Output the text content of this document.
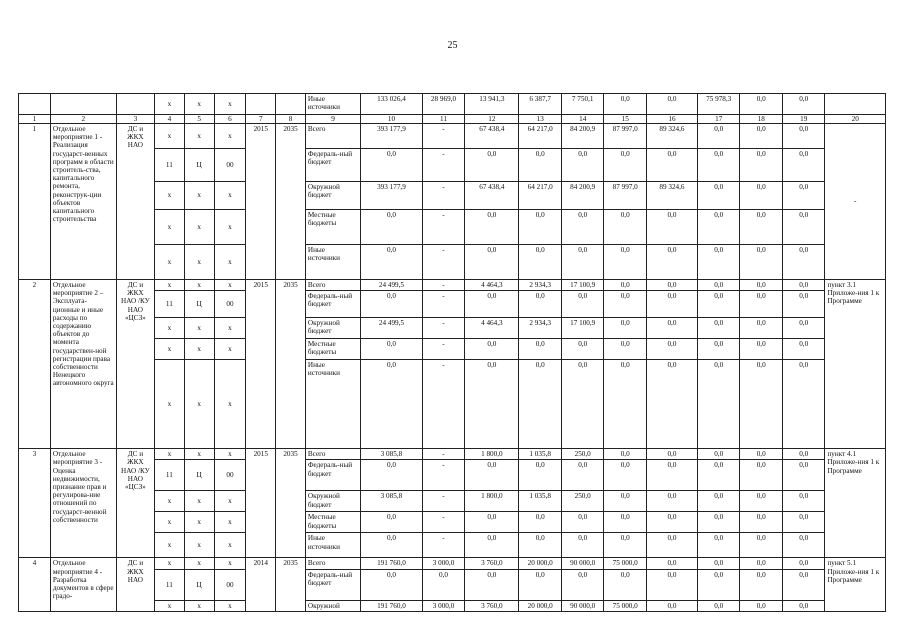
25
			х	х	х			Иные источники	133 026,4	28 969,0	13 941,3	6 387,7	7 750,1	0,0	0,0	75 978,3	0,0	0,0	
1	2	3	4	5	6	7	8	9	10	11	12	13	14	15	16	17	18	19	20
1	Отдельное мероприятие 1 - Реализация государст-венных программ в области строитель-ства, капитального ремонта, реконструк-ции объектов капитального строительства	ДС и ЖКХ НАО	х	х	х	2015	2035	Всего	393 177,9	-	67 438,4	64 217,0	84 200,9	87 997,0	89 324,6	0,0	0,0	0,0	-
			11	Ц	00			Федераль-ный бюджет	0,0	-	0,0	0,0	0,0	0,0	0,0	0,0	0,0	0,0	
			х	х	х			Окружной бюджет	393 177,9	-	67 438,4	64 217,0	84 200,9	87 997,0	89 324,6	0,0	0,0	0,0	
			х	х	х			Местные бюджеты	0,0	-	0,0	0,0	0,0	0,0	0,0	0,0	0,0	0,0	
			х	х	х			Иные источники	0,0	-	0,0	0,0	0,0	0,0	0,0	0,0	0,0	0,0	
2	Отдельное мероприятие 2 – Эксплуата-ционные и иные расходы по содержанию объектов до момента государствен-ной регистрации права собственности Ненецкого автономного округа	ДС и ЖКХ НАО /КУ НАО «ЦСЗ»	х	х	х	2015	2035	Всего	24 499,5	-	4 464,3	2 934,3	17 100,9	0,0	0,0	0,0	0,0	0,0	пункт 3.1 Приложе-ния 1 к Программе
			11	Ц	00			Федераль-ный бюджет	0,0	-	0,0	0,0	0,0	0,0	0,0	0,0	0,0	0,0	
			х	х	х			Окружной бюджет	24 499,5	-	4 464,3	2 934,3	17 100,9	0,0	0,0	0,0	0,0	0,0	
			х	х	х			Местные бюджеты	0,0	-	0,0	0,0	0,0	0,0	0,0	0,0	0,0	0,0	
			х	х	х			Иные источники	0,0	-	0,0	0,0	0,0	0,0	0,0	0,0	0,0	0,0	
3	Отдельное мероприятие 3 - Оценка недвижимости, признание прав и регулирова-ние отношений по государст-венной собственности	ДС и ЖКХ НАО /КУ НАО «ЦСЗ»	х	х	х	2015	2035	Всего	3 085,8	-	1 800,0	1 035,8	250,0	0,0	0,0	0,0	0,0	0,0	пункт 4.1 Приложе-ния 1 к Программе
			11	Ц	00			Федераль-ный бюджет	0,0	-	0,0	0,0	0,0	0,0	0,0	0,0	0,0	0,0	
			х	х	х			Окружной бюджет	3 085,8	-	1 800,0	1 035,8	250,0	0,0	0,0	0,0	0,0	0,0	
			х	х	х			Местные бюджеты	0,0	-	0,0	0,0	0,0	0,0	0,0	0,0	0,0	0,0	
			х	х	х			Иные источники	0,0	-	0,0	0,0	0,0	0,0	0,0	0,0	0,0	0,0	
4	Отдельное мероприятие 4 - Разработка документов в сфере градо-	ДС и ЖКХ НАО	х	х	х	2014	2035	Всего	191 760,0	3 000,0	3 760,0	20 000,0	90 000,0	75 000,0	0,0	0,0	0,0	0,0	пункт 5.1 Приложе-ния 1 к Программе
			11	Ц	00			Федераль-ный бюджет	0,0	0,0	0,0	0,0	0,0	0,0	0,0	0,0	0,0	0,0	
			х	х	х			Окружной	191 760,0	3 000,0	3 760,0	20 000,0	90 000,0	75 000,0	0,0	0,0	0,0	0,0	
